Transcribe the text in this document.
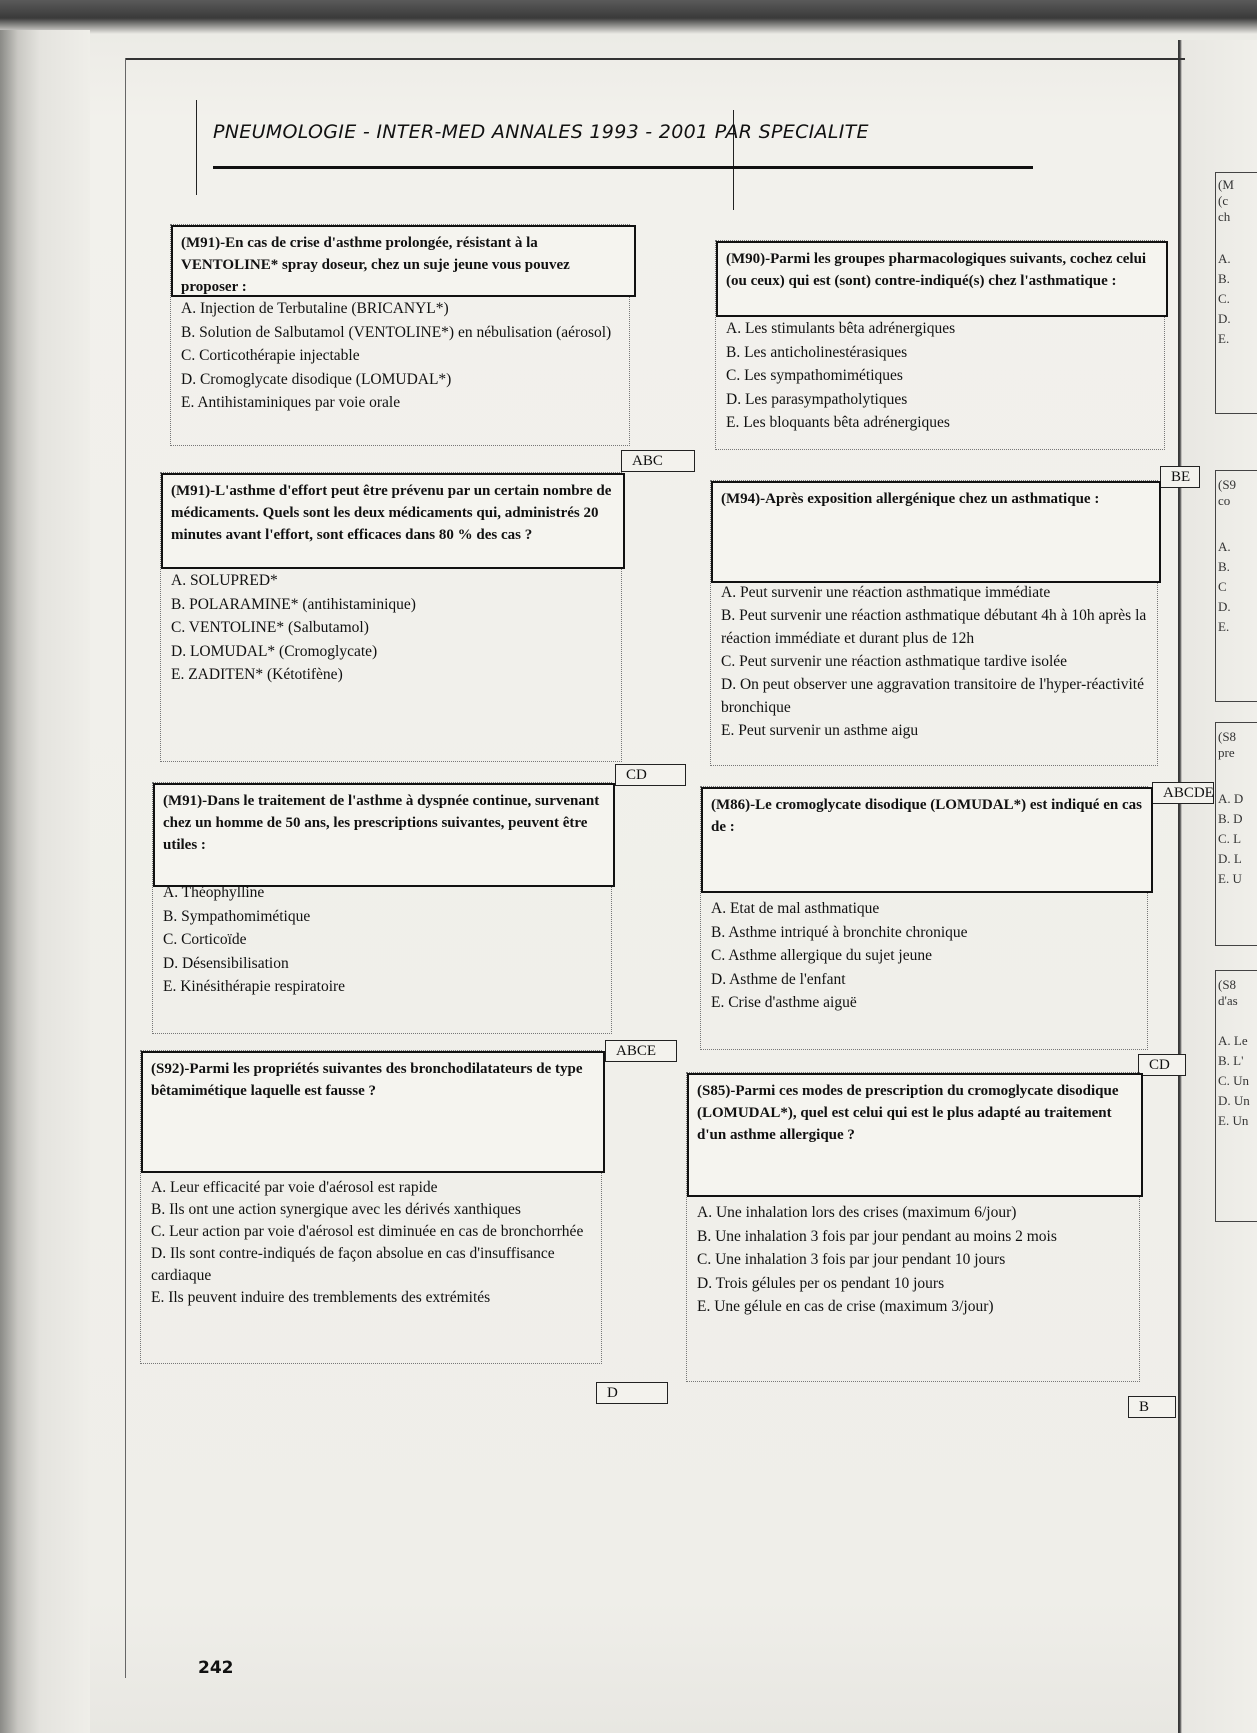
PNEUMOLOGIE - INTER-MED ANNALES 1993 - 2001 PAR SPECIALITE
(M91)-En cas de crise d'asthme prolongée, résistant à la VENTOLINE* spray doseur, chez un suje jeune vous pouvez proposer :
A. Injection de Terbutaline (BRICANYL*)
B. Solution de Salbutamol (VENTOLINE*) en nébulisation (aérosol)
C. Corticothérapie injectable
D. Cromoglycate disodique (LOMUDAL*)
E. Antihistaminiques par voie orale
ABC
(M91)-L'asthme d'effort peut être prévenu par un certain nombre de médicaments. Quels sont les deux médicaments qui, administrés 20 minutes avant l'effort, sont efficaces dans 80 % des cas ?
A. SOLUPRED*
B. POLARAMINE* (antihistaminique)
C. VENTOLINE* (Salbutamol)
D. LOMUDAL* (Cromoglycate)
E. ZADITEN* (Kétotifène)
CD
(M91)-Dans le traitement de l'asthme à dyspnée continue, survenant chez un homme de 50 ans, les prescriptions suivantes, peuvent être utiles :
A. Théophylline
B. Sympathomimétique
C. Corticoïde
D. Désensibilisation
E. Kinésithérapie respiratoire
ABCE
(S92)-Parmi les propriétés suivantes des bronchodilatateurs de type bêtamimétique laquelle est fausse ?
A. Leur efficacité par voie d'aérosol est rapide
B. Ils ont une action synergique avec les dérivés xanthiques
C. Leur action par voie d'aérosol est diminuée en cas de bronchorrhée
D. Ils sont contre-indiqués de façon absolue en cas d'insuffisance cardiaque
E. Ils peuvent induire des tremblements des extrémités
D
(M90)-Parmi les groupes pharmacologiques suivants, cochez celui (ou ceux) qui est (sont) contre-indiqué(s) chez l'asthmatique :
A. Les stimulants bêta adrénergiques
B. Les anticholinestérasiques
C. Les sympathomimétiques
D. Les parasympatholytiques
E. Les bloquants bêta adrénergiques
BE
(M94)-Après exposition allergénique chez un asthmatique :
A. Peut survenir une réaction asthmatique immédiate
B. Peut survenir une réaction asthmatique débutant 4h à 10h après la réaction immédiate et durant plus de 12h
C. Peut survenir une réaction asthmatique tardive isolée
D. On peut observer une aggravation transitoire de l'hyper-réactivité bronchique
E. Peut survenir un asthme aigu
ABCDE
(M86)-Le cromoglycate disodique (LOMUDAL*) est indiqué en cas de :
A. Etat de mal asthmatique
B. Asthme intriqué à bronchite chronique
C. Asthme allergique du sujet jeune
D. Asthme de l'enfant
E. Crise d'asthme aiguë
CD
(S85)-Parmi ces modes de prescription du cromoglycate disodique (LOMUDAL*), quel est celui qui est le plus adapté au traitement d'un asthme allergique ?
A. Une inhalation lors des crises (maximum 6/jour)
B. Une inhalation 3 fois par jour pendant au moins 2 mois
C. Une inhalation 3 fois par jour pendant 10 jours
D. Trois gélules per os pendant 10 jours
E. Une gélule en cas de crise (maximum 3/jour)
B
242
(M
(c
ch
A.
B.
C.
D.
E.
(S9
co
A.
B.
C
D.
E.
(S8
pre
A. D
B. D
C. L
D. L
E. U
(S8
d'as
A. Le
B. L'
C. Un
D. Un
E. Un
